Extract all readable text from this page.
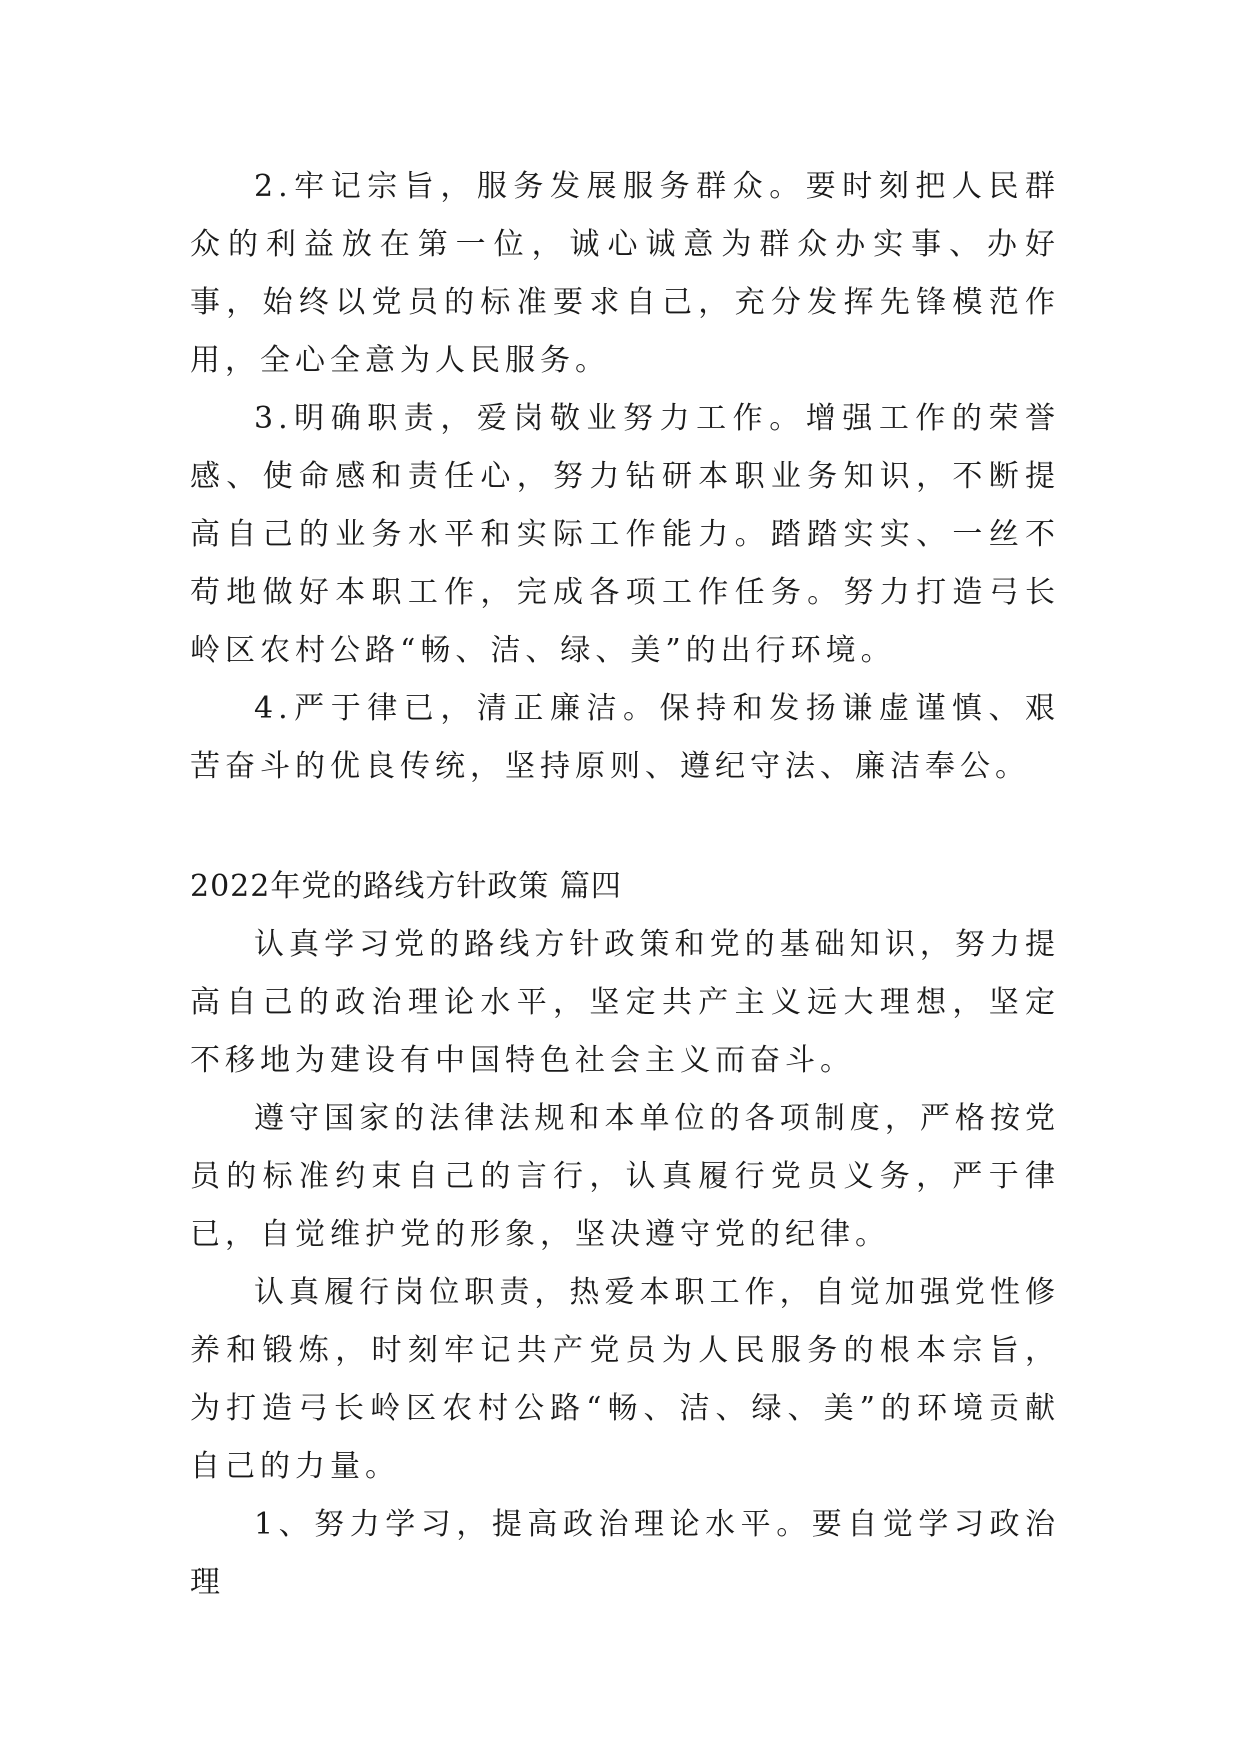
2.牢记宗旨，服务发展服务群众。要时刻把人民群众的利益放在第一位，诚心诚意为群众办实事、办好事，始终以党员的标准要求自己，充分发挥先锋模范作用，全心全意为人民服务。

3.明确职责，爱岗敬业努力工作。增强工作的荣誉感、使命感和责任心，努力钻研本职业务知识，不断提高自己的业务水平和实际工作能力。踏踏实实、一丝不苟地做好本职工作，完成各项工作任务。努力打造弓长岭区农村公路“畅、洁、绿、美”的出行环境。

4.严于律已，清正廉洁。保持和发扬谦虚谨慎、艰苦奋斗的优良传统，坚持原则、遵纪守法、廉洁奉公。

2022年党的路线方针政策 篇四

认真学习党的路线方针政策和党的基础知识，努力提高自己的政治理论水平，坚定共产主义远大理想，坚定不移地为建设有中国特色社会主义而奋斗。

遵守国家的法律法规和本单位的各项制度，严格按党员的标准约束自己的言行，认真履行党员义务，严于律已，自觉维护党的形象，坚决遵守党的纪律。

认真履行岗位职责，热爱本职工作，自觉加强党性修养和锻炼，时刻牢记共产党员为人民服务的根本宗旨，为打造弓长岭区农村公路“畅、洁、绿、美”的环境贡献自己的力量。

1、努力学习，提高政治理论水平。要自觉学习政治理
